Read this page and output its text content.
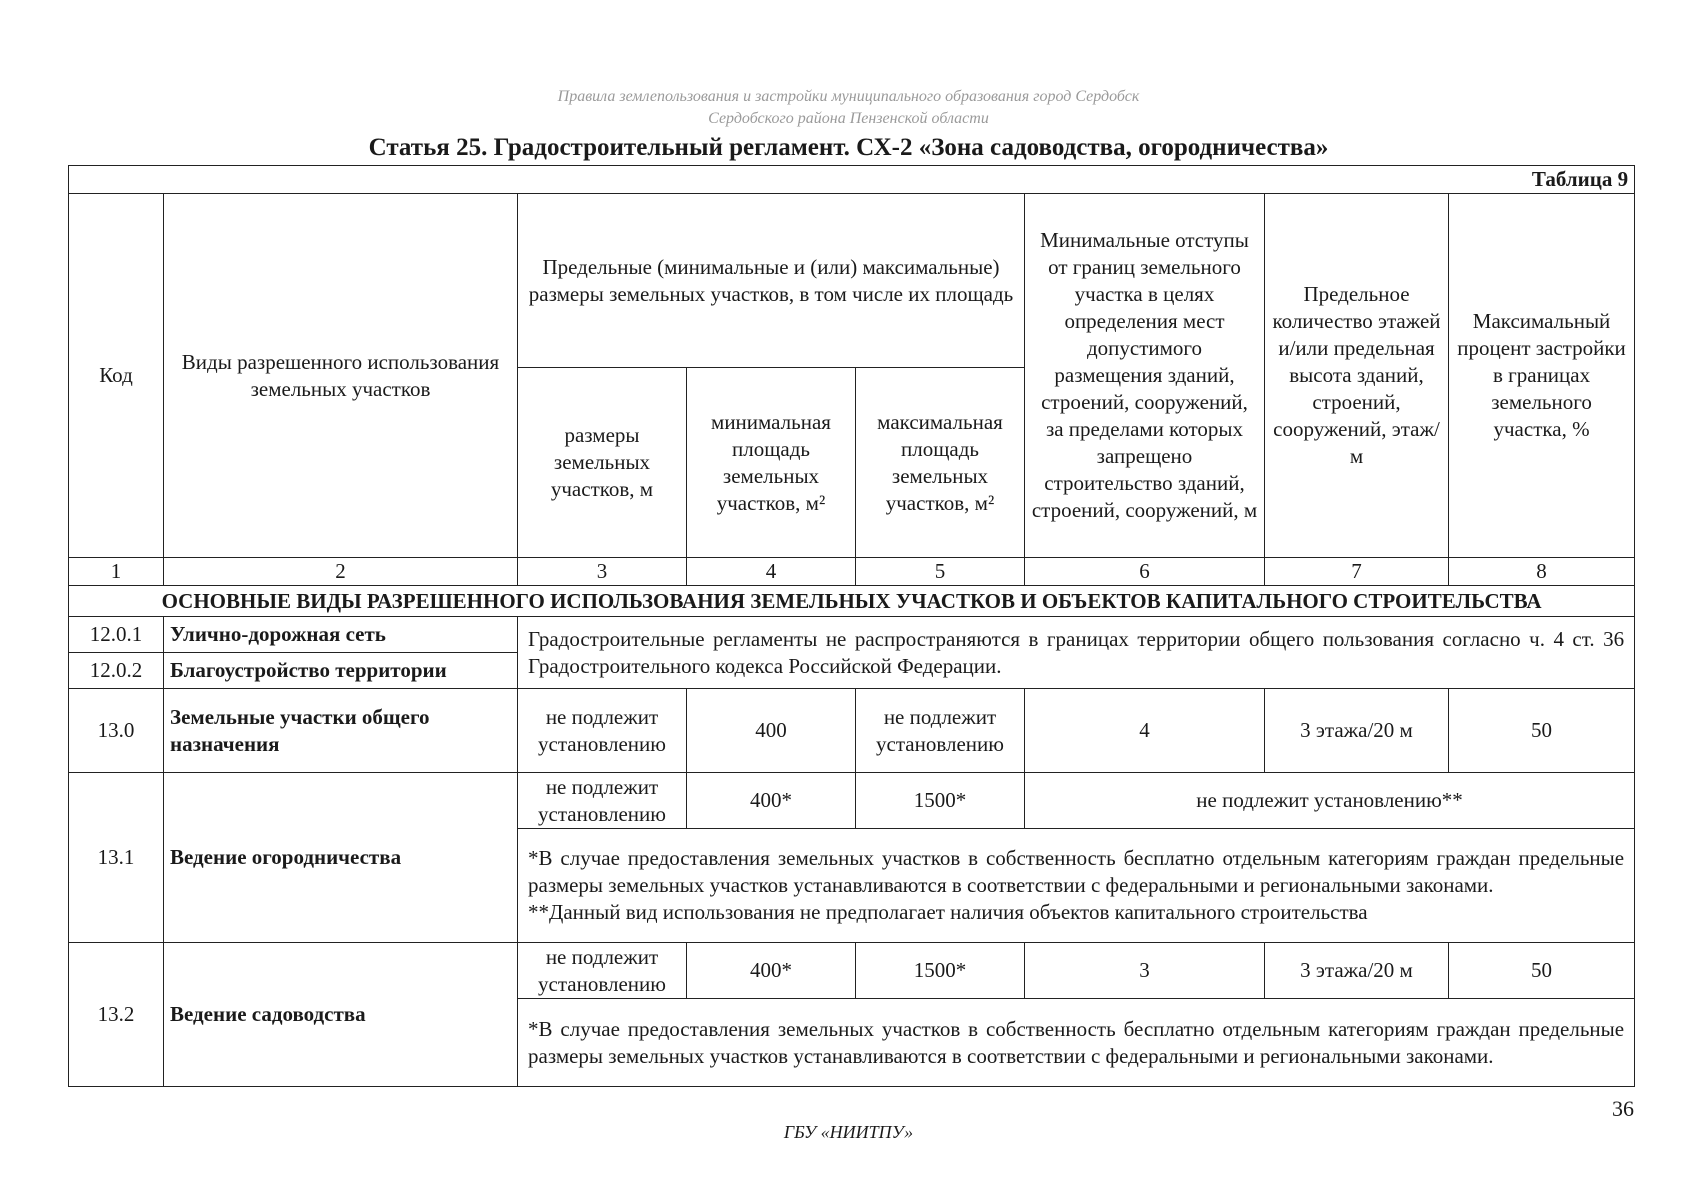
Правила землепользования и застройки муниципального образования город Сердобск
Сердобского района Пензенской области
Статья 25. Градостроительный регламент. СХ-2 «Зона садоводства, огородничества»
Таблица 9							
Код	Виды разрешенного использования земельных участков	Предельные (минимальные и (или) максимальные) размеры земельных участков, в том числе их площадь			Минимальные отступы от границ земельного участка в целях определения мест допустимого размещения зданий, строений, сооружений, за пределами которых запрещено строительство зданий, строений, сооружений, м	Предельное количество этажей и/или предельная высота зданий, строений, сооружений, этаж/м	Максимальный процент застройки в границах земельного участка, %
		размеры земельных участков, м	минимальная площадь земельных участков, м²	максимальная площадь земельных участков, м²			
1	2	3	4	5	6	7	8
ОСНОВНЫЕ ВИДЫ РАЗРЕШЕННОГО ИСПОЛЬЗОВАНИЯ ЗЕМЕЛЬНЫХ УЧАСТКОВ И ОБЪЕКТОВ КАПИТАЛЬНОГО СТРОИТЕЛЬСТВА							
12.0.1	Улично-дорожная сеть	Градостроительные регламенты не распространяются в границах территории общего пользования согласно ч. 4 ст. 36 Градостроительного кодекса Российской Федерации.					
12.0.2	Благоустройство территории						
13.0	Земельные участки общего назначения	не подлежит установлению	400	не подлежит установлению	4	3 этажа/20 м	50
13.1	Ведение огородничества	не подлежит установлению	400*	1500*	не подлежит установлению**		
		*В случае предоставления земельных участков в собственность бесплатно отдельным категориям граждан предельные размеры земельных участков устанавливаются в соответствии с федеральными и региональными законами.
**Данный вид использования не предполагает наличия объектов капитального строительства					
13.2	Ведение садоводства	не подлежит установлению	400*	1500*	3	3 этажа/20 м	50
		*В случае предоставления земельных участков в собственность бесплатно отдельным категориям граждан предельные размеры земельных участков устанавливаются в соответствии с федеральными и региональными законами.					
36
ГБУ «НИИТПУ»
